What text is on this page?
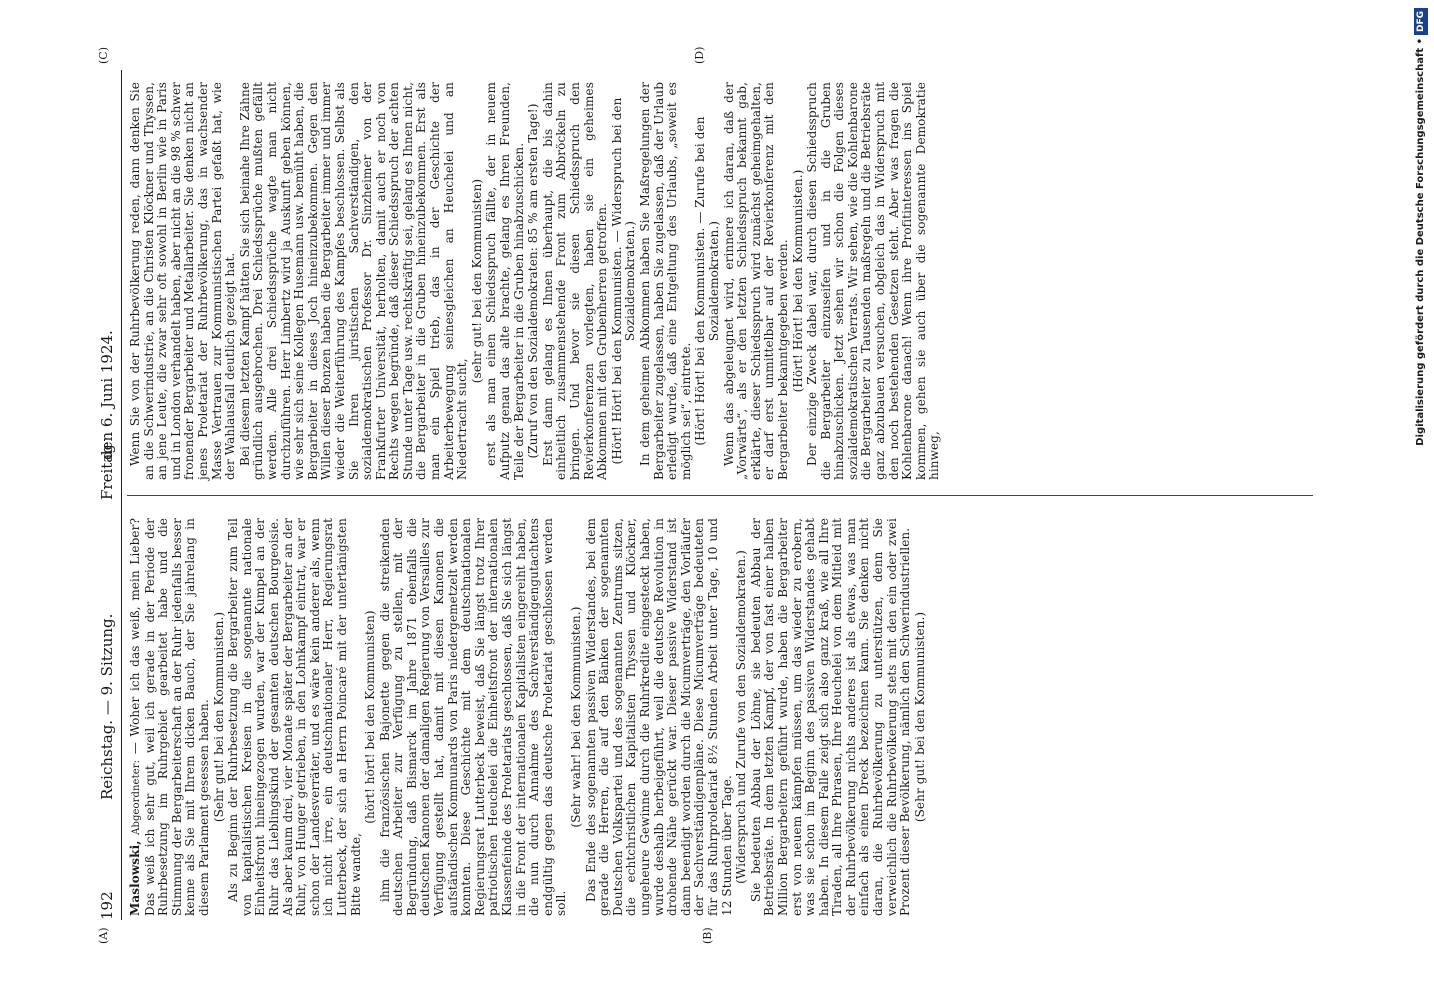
192
Reichstag. — 9. Sitzung.
Freitag
den 6. Juni 1924.
(A)	(B)
(C)	(D)

Maslowski, Abgeordneter: — Woher ich das weiß, mein Lieber? Das weiß ich sehr gut, weil ich gerade in der Periode der Ruhrbesetzung im Ruhrgebiet gearbeitet habe und die Stimmung der Bergarbeiterschaft an der Ruhr jedenfalls besser kenne als Sie mit Ihrem dicken Bauch, der Sie jahrelang in diesem Parlament gesessen haben. (Sehr gut! bei den Kommunisten.) Als zu Beginn der Ruhrbesetzung die Bergarbeiter zum Teil von kapitalistischen Kreisen in die sogenannte nationale Einheitsfront hineingezogen wurden, war der Kumpel an der Ruhr das Lieblingskind der gesamten deutschen Bourgeoisie. Als aber kaum drei, vier Monate später der Bergarbeiter an der Ruhr, von Hunger getrieben, in den Lohnkampf eintrat, war er schon der Landesverräter, und es wäre kein anderer als, wenn ich nicht irre, ein deutschnationaler Herr, Regierungsrat Lutterbeck, der sich an Herrn Poincaré mit der untertänigsten Bitte wandte,

(hört! hört! bei den Kommunisten) ihm die französischen Bajonette gegen die streikenden deutschen Arbeiter zur Verfügung zu stellen, mit der Begründung, daß Bismarck im Jahre 1871 ebenfalls die deutschen Kanonen der damaligen Regierung von Versailles zur Verfügung gestellt hat, damit mit diesen Kanonen die aufständischen Kommunards von Paris niedergemetzelt werden konnten. Diese Geschichte mit dem deutschnationalen Regierungsrat Lutterbeck beweist, daß Sie längst trotz Ihrer patriotischen Heuchelei die Einheitsfront der internationalen Klassenfeinde des Proletariats geschlossen, daß Sie sich längst in die Front der internationalen Kapitalisten eingereiht haben, die nun durch Annahme des Sachverständigengutachtens endgültig gegen das deutsche Proletariat geschlossen werden soll.

(Sehr wahr! bei den Kommunisten.) Das Ende des sogenannten passiven Widerstandes, bei dem gerade die Herren, die auf den Bänken der sogenannten Deutschen Volkspartei und des sogenannten Zentrums sitzen, die echtchristlichen Kapitalisten Thyssen und Klöckner, ungeheure Gewinne durch die Ruhrkredite eingesteckt haben, wurde deshalb herbeigeführt, weil die deutsche Revolution in drohende Nähe gerückt war. Dieser passive Widerstand ist dann beendigt worden durch die Micumverträge, den Vorläufer der Sachverständigenpläne. Diese Micumverträge bedeuteten für das Ruhrproletariat 8½ Stunden Arbeit unter Tage, 10 und 12 Stunden über Tage. (Widerspruch und Zurufe von den Sozialdemokraten.) Sie bedeuten Abbau der Löhne, sie bedeuten Abbau der Betriebsräte. In dem letzten Kampf, der von fast einer halben Million Bergarbeitern geführt wurde, haben die Bergarbeiter erst von neuem kämpfen müssen, um das wieder zu erobern, was sie schon im Beginn des passiven Widerstandes gehabt haben. In diesem Falle zeigt sich also ganz kraß, wie all Ihre Tiraden, all Ihre Phrasen, Ihre Heuchelei von dem Mitleid mit der Ruhrbevölkerung nichts anderes ist als etwas, was man einfach als einen Dreck bezeichnen kann. Sie denken nicht daran, die Ruhrbevölkerung zu unterstützen, denn Sie verweichlich die Ruhrbevölkerung stets mit den ein oder zwei Prozent dieser Bevölkerung, nämlich den Schwerindustriellen. (Sehr gut! bei den Kommunisten.)

Wenn Sie von der Ruhrbevölkerung reden, dann denken Sie an die Schwerindustrie, an die Christen Klöckner und Thyssen, an jene Leute, die zwar sehr oft sowohl in Berlin wie in Paris und in London verhandelt haben, aber nicht an die 98 % schwer fronender Bergarbeiter und Metallarbeiter. Sie denken nicht an jenes Proletariat der Ruhrbevölkerung, das in wachsender Masse Vertrauen zur Kommunistischen Partei gefaßt hat, wie der Wahlausfall deutlich gezeigt hat. Bei diesem letzten Kampf hätten Sie sich beinahe Ihre Zähne gründlich ausgebrochen. Drei Schiedssprüche mußten gefällt werden. Alle drei Schiedssprüche wagte man nicht durchzuführen. Herr Limbertz wird ja Auskunft geben können, wie sehr sich seine Kollegen Husemann usw. bemüht haben, die Bergarbeiter in dieses Joch hineinzubekommen. Gegen den Willen dieser Bonzen haben die Bergarbeiter immer und immer wieder die Weiterführung des Kampfes beschlossen. Selbst als Sie Ihren juristischen Sachverständigen, den sozialdemokratischen Professor Dr. Sinzheimer von der Frankfurter Universität, herholten, damit auch er noch von Rechts wegen begründe, daß dieser Schiedsspruch der achten Stunde unter Tage usw. rechtskräftig sei, gelang es Ihnen nicht, die Bergarbeiter in die Gruben hineinzubekommen. Erst als man ein Spiel trieb, das in der Geschichte der Arbeiterbewegung seinesgleichen an Heuchelei und an Niedertracht sucht,

(sehr gut! bei den Kommunisten) erst als man einen Schiedsspruch fällte, der in neuem Aufputz genau das alte brachte, gelang es Ihren Freunden, Teile der Bergarbeiter in die Gruben hinabzuschicken. (Zuruf von den Sozialdemokraten: 85 % am ersten Tage!) Erst dann gelang es Ihnen überhaupt, die bis dahin einheitlich zusammenstehende Front zum Abbröckeln zu bringen. Und bevor sie diesen Schiedsspruch den Revierkonferenzen vorlegten, haben sie ein geheimes Abkommen mit den Grubenherren getroffen. (Hört! Hört! bei den Kommunisten. — Widerspruch bei den Sozialdemokraten.) In dem geheimen Abkommen haben Sie Maßregelungen der Bergarbeiter zugelassen, haben Sie zugelassen, daß der Urlaub erledigt wurde, daß eine Entgeltung des Urlaubs, „soweit es möglich sei“, eintrete. (Hört! Hört! bei den Kommunisten. — Zurufe bei den Sozialdemokraten.) Wenn das abgeleugnet wird, erinnere ich daran, daß der „Vorwärts“, als er den letzten Schiedsspruch bekannt gab, erklärte, dieser Schiedsspruch wird zunächst geheimgehalten, er darf erst unmittelbar auf der Revierkonferenz mit den Bergarbeiter bekanntgegeben werden. (Hört! Hört! bei den Kommunisten.) Der einzige Zweck dabei war, durch diesen Schiedsspruch die Bergarbeiter einzuseifen und in die Gruben hinabzuschicken. Jetzt sehen wir schon die Folgen dieses sozialdemokratischen Verrats. Wir sehen, wie die Kohlenbarone die Bergarbeiter zu Tausenden maßregeln und die Betriebsräte ganz abzubauen versuchen, obgleich das in Widerspruch mit den noch bestehenden Gesetzen steht. Aber was fragen die Kohlenbarone danach! Wenn ihre Profitinteressen ins Spiel kommen, gehen sie auch über die sogenannte Demokratie hinweg,

Digitalisierung gefördert durch die Deutsche Forschungsgemeinschaft •DFG
